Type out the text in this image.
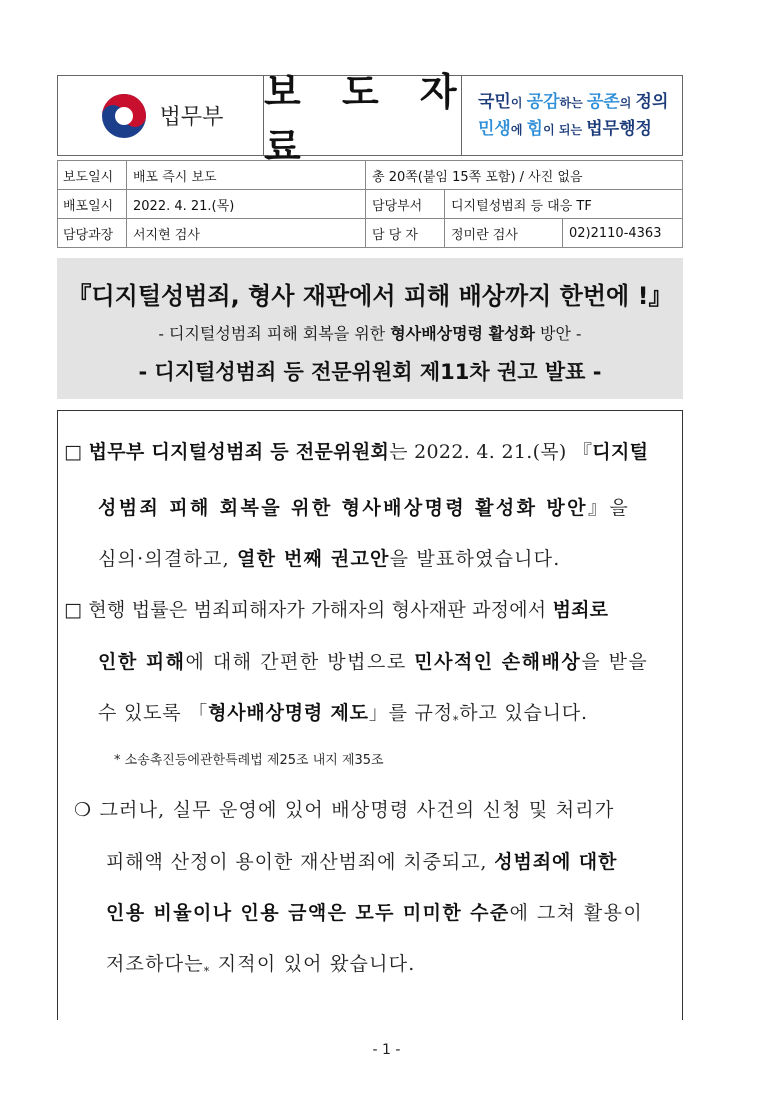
법무부
보 도 자 료
국민이 공감하는 공존의 정의
민생에 힘이 되는 법무행정
보도일시	배포 즉시 보도	총 20쪽(붙임 15쪽 포함) / 사진 없음		
배포일시	2022. 4. 21.(목)	담당부서	디지털성범죄 등 대응 TF	
담당과장	서지현 검사	담 당 자	정미란 검사	02)2110-4363
『디지털성범죄, 형사 재판에서 피해 배상까지 한번에 !』
- 디지털성범죄 피해 회복을 위한 형사배상명령 활성화 방안 -
- 디지털성범죄 등 전문위원회 제11차 권고 발표 -
□ 법무부 디지털성범죄 등 전문위원회는 2022. 4. 21.(목) 『디지털
성범죄 피해 회복을 위한 형사배상명령 활성화 방안』을
심의·의결하고, 열한 번째 권고안을 발표하였습니다.
□ 현행 법률은 범죄피해자가 가해자의 형사재판 과정에서 범죄로
인한 피해에 대해 간편한 방법으로 민사적인 손해배상을 받을
수 있도록 「형사배상명령 제도」를 규정$_*$하고 있습니다.
* 소송촉진등에관한특례법 제25조 내지 제35조
❍ 그러나, 실무 운영에 있어 배상명령 사건의 신청 및 처리가
피해액 산정이 용이한 재산범죄에 치중되고, 성범죄에 대한
인용 비율이나 인용 금액은 모두 미미한 수준에 그쳐 활용이
저조하다는$_*$ 지적이 있어 왔습니다.
- 1 -
